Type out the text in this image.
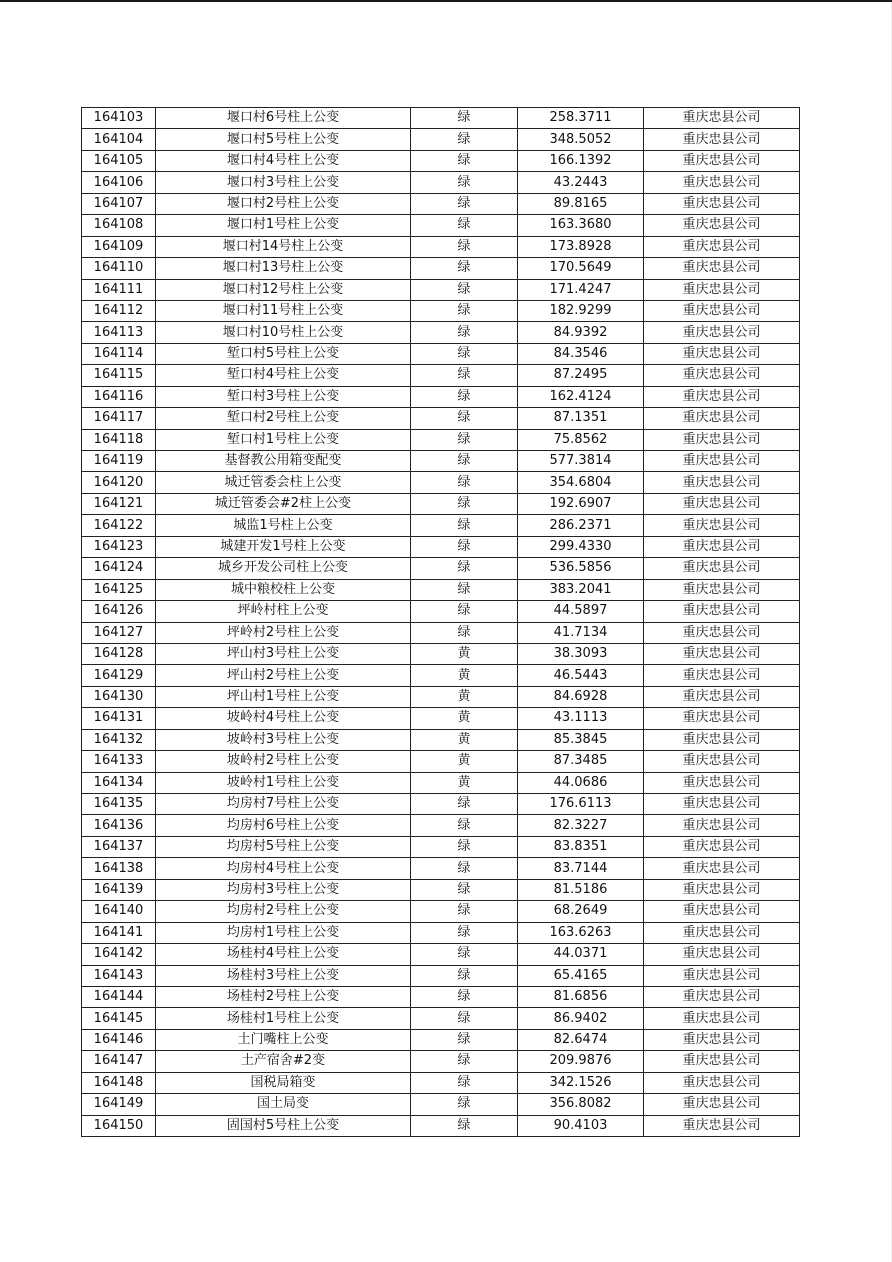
164103	堰口村6号柱上公变	绿	258.3711	重庆忠县公司
164104	堰口村5号柱上公变	绿	348.5052	重庆忠县公司
164105	堰口村4号柱上公变	绿	166.1392	重庆忠县公司
164106	堰口村3号柱上公变	绿	43.2443	重庆忠县公司
164107	堰口村2号柱上公变	绿	89.8165	重庆忠县公司
164108	堰口村1号柱上公变	绿	163.3680	重庆忠县公司
164109	堰口村14号柱上公变	绿	173.8928	重庆忠县公司
164110	堰口村13号柱上公变	绿	170.5649	重庆忠县公司
164111	堰口村12号柱上公变	绿	171.4247	重庆忠县公司
164112	堰口村11号柱上公变	绿	182.9299	重庆忠县公司
164113	堰口村10号柱上公变	绿	84.9392	重庆忠县公司
164114	堑口村5号柱上公变	绿	84.3546	重庆忠县公司
164115	堑口村4号柱上公变	绿	87.2495	重庆忠县公司
164116	堑口村3号柱上公变	绿	162.4124	重庆忠县公司
164117	堑口村2号柱上公变	绿	87.1351	重庆忠县公司
164118	堑口村1号柱上公变	绿	75.8562	重庆忠县公司
164119	基督教公用箱变配变	绿	577.3814	重庆忠县公司
164120	城迁管委会柱上公变	绿	354.6804	重庆忠县公司
164121	城迁管委会#2柱上公变	绿	192.6907	重庆忠县公司
164122	城监1号柱上公变	绿	286.2371	重庆忠县公司
164123	城建开发1号柱上公变	绿	299.4330	重庆忠县公司
164124	城乡开发公司柱上公变	绿	536.5856	重庆忠县公司
164125	城中粮校柱上公变	绿	383.2041	重庆忠县公司
164126	坪岭村柱上公变	绿	44.5897	重庆忠县公司
164127	坪岭村2号柱上公变	绿	41.7134	重庆忠县公司
164128	坪山村3号柱上公变	黄	38.3093	重庆忠县公司
164129	坪山村2号柱上公变	黄	46.5443	重庆忠县公司
164130	坪山村1号柱上公变	黄	84.6928	重庆忠县公司
164131	坡岭村4号柱上公变	黄	43.1113	重庆忠县公司
164132	坡岭村3号柱上公变	黄	85.3845	重庆忠县公司
164133	坡岭村2号柱上公变	黄	87.3485	重庆忠县公司
164134	坡岭村1号柱上公变	黄	44.0686	重庆忠县公司
164135	均房村7号柱上公变	绿	176.6113	重庆忠县公司
164136	均房村6号柱上公变	绿	82.3227	重庆忠县公司
164137	均房村5号柱上公变	绿	83.8351	重庆忠县公司
164138	均房村4号柱上公变	绿	83.7144	重庆忠县公司
164139	均房村3号柱上公变	绿	81.5186	重庆忠县公司
164140	均房村2号柱上公变	绿	68.2649	重庆忠县公司
164141	均房村1号柱上公变	绿	163.6263	重庆忠县公司
164142	场桂村4号柱上公变	绿	44.0371	重庆忠县公司
164143	场桂村3号柱上公变	绿	65.4165	重庆忠县公司
164144	场桂村2号柱上公变	绿	81.6856	重庆忠县公司
164145	场桂村1号柱上公变	绿	86.9402	重庆忠县公司
164146	土门嘴柱上公变	绿	82.6474	重庆忠县公司
164147	土产宿舍#2变	绿	209.9876	重庆忠县公司
164148	国税局箱变	绿	342.1526	重庆忠县公司
164149	国土局变	绿	356.8082	重庆忠县公司
164150	固国村5号柱上公变	绿	90.4103	重庆忠县公司
